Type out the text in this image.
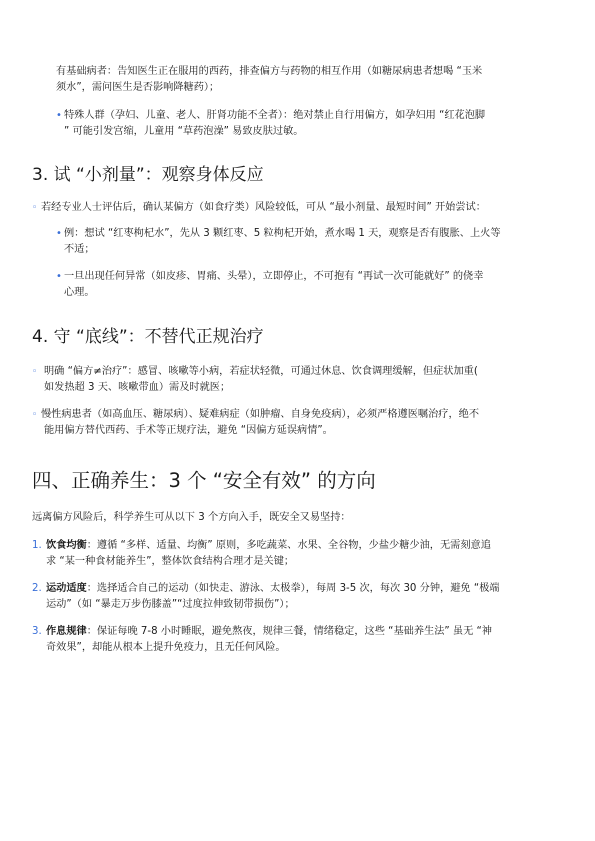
有基础病者：告知医生正在服用的西药，排查偏方与药物的相互作用（如糖尿病患者想喝 “玉米

须水”，需问医生是否影响降糖药）；

• 特殊人群（孕妇、儿童、老人、肝肾功能不全者）：绝对禁止自行用偏方，如孕妇用 “红花泡脚

” 可能引发宫缩，儿童用 “草药泡澡” 易致皮肤过敏。

3. 试 “小剂量”：观察身体反应
◦ 若经专业人士评估后，确认某偏方（如食疗类）风险较低，可从 “最小剂量、最短时间” 开始尝试：

• 例：想试 “红枣枸杞水”，先从 3 颗红枣、5 粒枸杞开始，煮水喝 1 天，观察是否有腹胀、上火等

不适；

• 一旦出现任何异常（如皮疹、胃痛、头晕），立即停止，不可抱有 “再试一次可能就好” 的侥幸

心理。

4. 守 “底线”：不替代正规治疗
◦ 明确 “偏方≠治疗”：感冒、咳嗽等小病，若症状轻微，可通过休息、饮食调理缓解，但症状加重(

如发热超 3 天、咳嗽带血）需及时就医；

◦ 慢性病患者（如高血压、糖尿病）、疑难病症（如肿瘤、自身免疫病），必须严格遵医嘱治疗，绝不

能用偏方替代西药、手术等正规疗法，避免 “因偏方延误病情”。

四、正确养生：3 个 “安全有效” 的方向

远离偏方风险后，科学养生可从以下 3 个方向入手，既安全又易坚持：

1. 饮食均衡：遵循 “多样、适量、均衡” 原则，多吃蔬菜、水果、全谷物，少盐少糖少油，无需刻意追

求 “某一种食材能养生”，整体饮食结构合理才是关键；

2. 运动适度：选择适合自己的运动（如快走、游泳、太极拳），每周 3-5 次，每次 30 分钟，避免 “极端

运动”（如 “暴走万步伤膝盖”“过度拉伸致韧带损伤”）；

3. 作息规律：保证每晚 7-8 小时睡眠，避免熬夜，规律三餐，情绪稳定，这些 “基础养生法” 虽无 “神

奇效果”，却能从根本上提升免疫力，且无任何风险。
